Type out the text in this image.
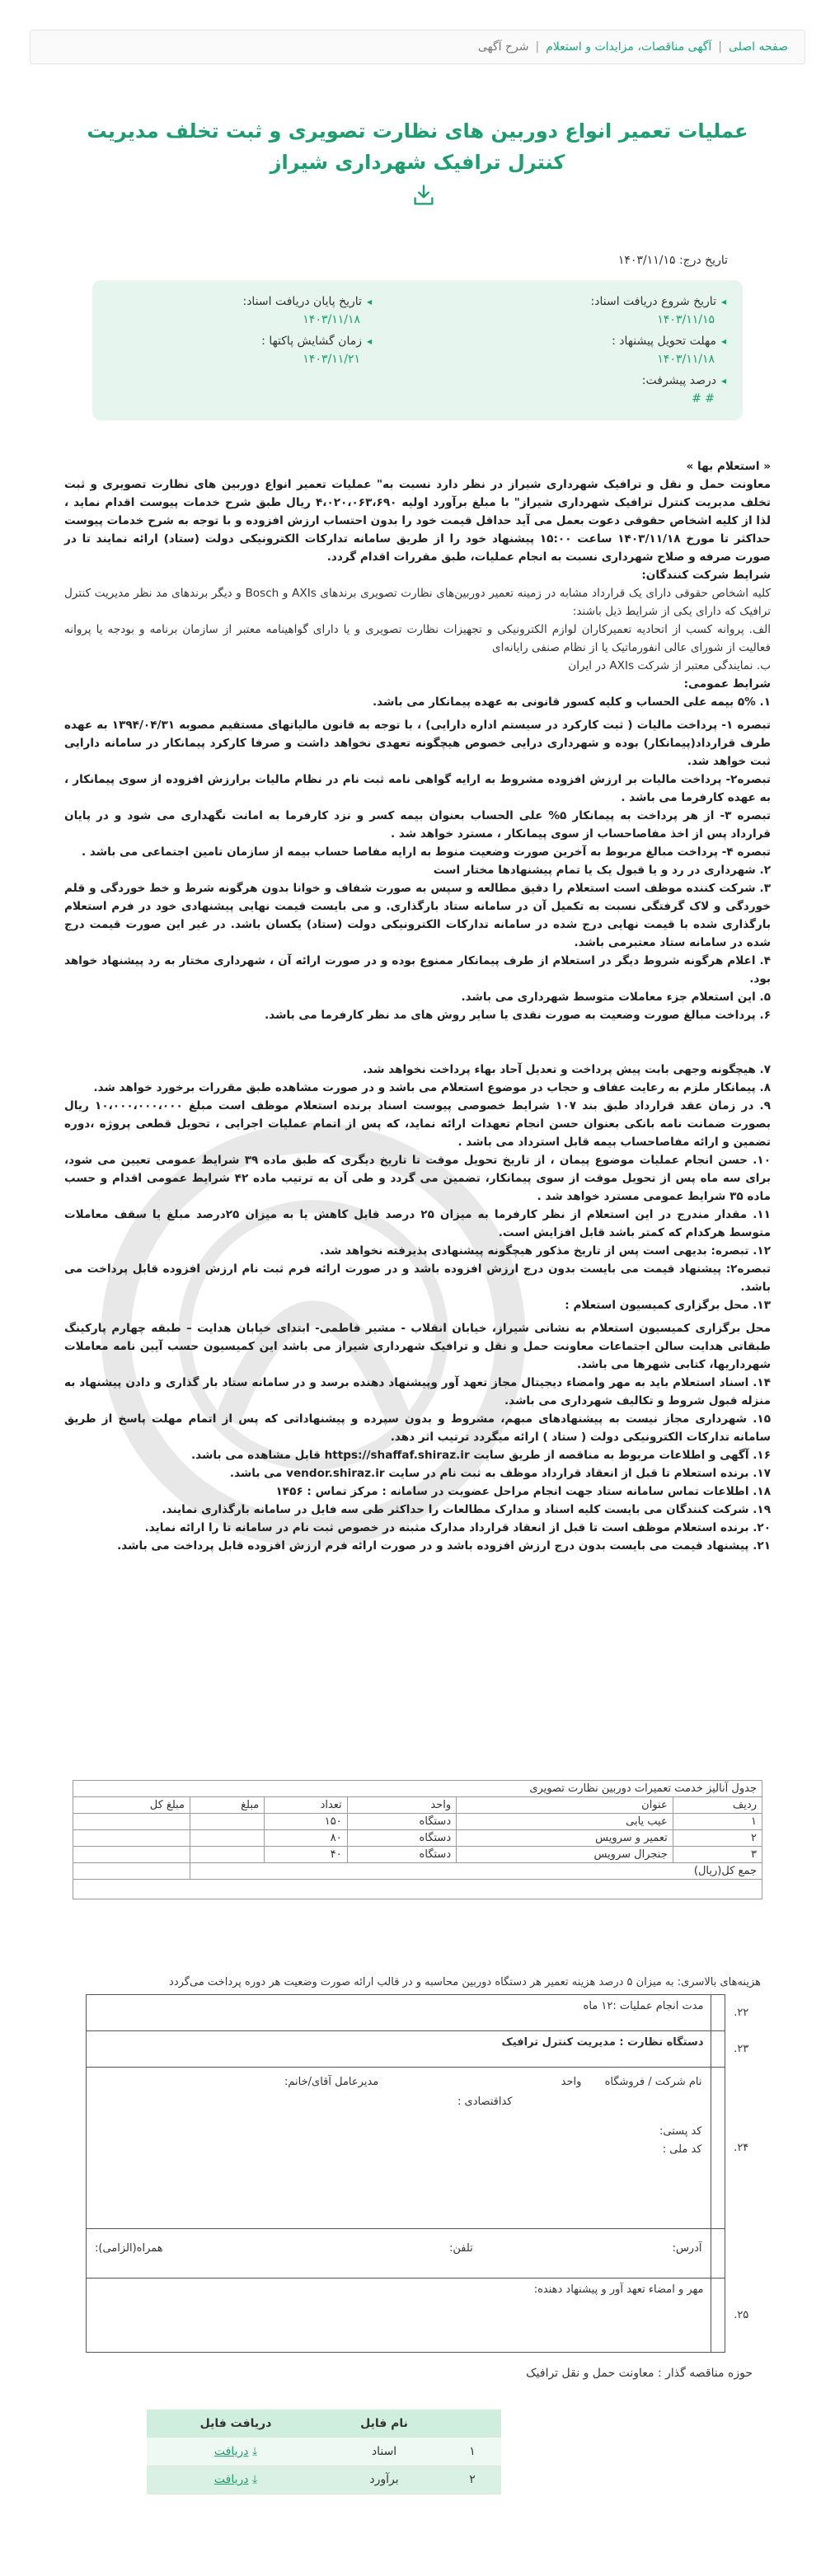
صفحه اصلی
|
آگهی مناقصات، مزایدات و استعلام
|
شرح آگهی
عملیات تعمیر انواع دوربین های نظارت تصویری و ثبت تخلف مدیریت کنترل ترافیک شهرداری شیراز
تاریخ درج: ۱۴۰۳/۱۱/۱۵
◂ تاریخ شروع دریافت اسناد:
۱۴۰۳/۱۱/۱۵
◂ مهلت تحویل پیشنهاد :
۱۴۰۳/۱۱/۱۸
◂ درصد پیشرفت:
# #
◂ تاریخ پایان دریافت اسناد:
۱۴۰۳/۱۱/۱۸
◂ زمان گشایش پاکتها :
۱۴۰۳/۱۱/۲۱

« استعلام بها »

معاونت حمل و نقل و ترافیک شهرداری شیراز در نظر دارد نسبت به" عملیات تعمیر انواع دوربین های نظارت تصویری و ثبت تخلف مدیریت کنترل ترافیک شهرداری شیراز" با مبلغ برآورد اولیه ۴،۰۲۰،۰۶۳،۶۹۰ ریال طبق شرح خدمات پیوست اقدام نماید ، لذا از کلیه اشخاص حقوقی دعوت بعمل می آید حداقل قیمت خود را بدون احتساب ارزش افزوده و با توجه به شرح خدمات پیوست حداکثر تا مورخ ۱۴۰۳/۱۱/۱۸ ساعت ۱۵:۰۰ پیشنهاد خود را از طریق سامانه تدارکات الکترونیکی دولت (ستاد) ارائه نمایند تا در صورت صرفه و صلاح شهرداری نسبت به انجام عملیات، طبق مقررات اقدام گردد.

شرایط شرکت کنندگان:

کلیه اشخاص حقوقی دارای یک قرارداد مشابه در زمینه تعمیر دوربین‌های نظارت تصویری برندهای AXIs و Bosch و دیگر برندهای مد نظر مدیریت کنترل ترافیک که دارای یکی از شرایط ذیل باشند:

الف. پروانه کسب از اتحادیه تعمیرکاران لوازم الکترونیکی و تجهیزات نظارت تصویری و یا دارای گواهینامه معتبر از سازمان برنامه و بودجه یا پروانه فعالیت از شورای عالی انفورماتیک یا از نظام صنفی رایانه‌ای

ب. نمایندگی معتبر از شرکت AXIs در ایران

شرایط عمومی:

۱. ۵% بیمه علی الحساب و کلیه کسور قانونی به عهده پیمانکار می باشد.

تبصره ۱- پرداخت مالیات ( ثبت کارکرد در سیستم اداره دارایی) ، با توجه به قانون مالیاتهای مستقیم مصوبه ۱۳۹۴/۰۴/۳۱ به عهده طرف قرارداد(پیمانکار) بوده و شهرداری درایی خصوص هیچگونه تعهدی نخواهد داشت و صرفا کارکرد پیمانکار در سامانه دارایی ثبت خواهد شد.

تبصره۲- پرداخت مالیات بر ارزش افزوده مشروط به ارایه گواهی نامه ثبت نام در نظام مالیات برارزش افزوده از سوی پیمانکار ، به عهده کارفرما می باشد .

تبصره ۳- از هر پرداخت به پیمانکار ۵% علی الحساب بعنوان بیمه کسر و نزد کارفرما به امانت نگهداری می شود و در پایان قرارداد پس از اخذ مفاصاحساب از سوی پیمانکار ، مسترد خواهد شد .

تبصره ۴- پرداخت مبالغ مربوط به آخرین صورت وضعیت منوط به ارایه مفاصا حساب بیمه از سازمان تامین اجتماعی می باشد .

۲. شهرداری در رد و یا قبول یک یا تمام پیشنهادها مختار است

۳. شرکت کننده موظف است استعلام را دقیق مطالعه و سپس به صورت شفاف و خوانا بدون هرگونه شرط و خط خوردگی و قلم خوردگی و لاک گرفتگی نسبت به تکمیل آن در سامانه ستاد بارگذاری. و می بایست قیمت نهایی پیشنهادی خود در فرم استعلام بارگذاری شده با قیمت نهایی درج شده در سامانه تدارکات الکترونیکی دولت (ستاد) یکسان باشد. در غیر این صورت قیمت درج شده در سامانه ستاد معتبرمی باشد.

۴. اعلام هرگونه شروط دیگر در استعلام از طرف پیمانکار ممنوع بوده و در صورت ارائه آن ، شهرداری مختار به رد پیشنهاد خواهد بود.

۵. این استعلام جزء معاملات متوسط شهرداری می باشد.

۶. پرداخت مبالغ صورت وضعیت به صورت نقدی یا سایر روش های مد نظر کارفرما می باشد.

۷. هیچگونه وجهی بابت پیش پرداخت و تعدیل آحاد بهاء پرداخت نخواهد شد.

۸. پیمانکار ملزم به رعایت عفاف و حجاب در موضوع استعلام می باشد و در صورت مشاهده طبق مقررات برخورد خواهد شد.

۹. در زمان عقد قرارداد طبق بند ۱۰۷ شرایط خصوصی پیوست اسناد برنده استعلام موظف است مبلغ ۱۰،۰۰۰،۰۰۰،۰۰۰ ریال بصورت ضمانت نامه بانکی بعنوان حسن انجام تعهدات ارائه نماید، که پس از اتمام عملیات اجرایی ، تحویل قطعی پروژه ،دوره تضمین و ارائه مفاصاحساب بیمه قابل استرداد می باشد .

۱۰. حسن انجام عملیات موضوع پیمان ، از تاریخ تحویل موقت تا تاریخ دیگری که طبق ماده ۳۹ شرایط عمومی تعیین می شود، برای سه ماه پس از تحویل موقت از سوی پیمانکار، تضمین می گردد و طی آن به ترتیب ماده ۴۲ شرایط عمومی اقدام و حسب ماده ۳۵ شرایط عمومی مسترد خواهد شد .

۱۱. مقدار مندرج در این استعلام از نظر کارفرما به میزان ۲۵ درصد قابل کاهش یا به میزان ۲۵درصد مبلغ یا سقف معاملات متوسط هرکدام که کمتر باشد قابل افزایش است.

۱۲. تبصره: بدیهی است پس از تاریخ مذکور هیچگونه پیشنهادی پذیرفته نخواهد شد.

تبصره۲: پیشنهاد قیمت می بایست بدون درج ارزش افزوده باشد و در صورت ارائه فرم ثبت نام ارزش افزوده قابل پرداخت می باشد.

۱۳. محل برگزاری کمیسیون استعلام :

محل برگزاری کمیسیون استعلام به نشانی شیراز، خیابان انقلاب - مشیر فاطمی- ابتدای خیابان هدایت – طبقه چهارم پارکینگ طبقاتی هدایت سالن اجتماعات معاونت حمل و نقل و ترافیک شهرداری شیراز می باشد این کمیسیون حسب آیین نامه معاملات شهرداریها، کتابی شهرها می باشد.

۱۴. اسناد استعلام باید به مهر وامضاء دیجیتال مجاز تعهد آور وپیشنهاد دهنده برسد و در سامانه ستاد بار گذاری و دادن پیشنهاد به منزله قبول شروط و تکالیف شهرداری می باشد.

۱۵. شهرداری مجاز نیست به پیشنهادهای مبهم، مشروط و بدون سپرده و پیشنهاداتی که پس از اتمام مهلت پاسخ از طریق سامانه تدارکات الکترونیکی دولت ( ستاد ) ارائه میگردد ترتیب اثر دهد.

۱۶. آگهی و اطلاعات مربوط به مناقصه از طریق سایت https://shaffaf.shiraz.ir قابل مشاهده می باشد.

۱۷. برنده استعلام تا قبل از انعقاد قرارداد موظف به ثبت نام در سایت vendor.shiraz.ir می باشد.

۱۸. اطلاعات تماس سامانه ستاد جهت انجام مراحل عضویت در سامانه : مرکز تماس : ۱۴۵۶

۱۹. شرکت کنندگان می بایست کلیه اسناد و مدارک مطالعات را حداکثر طی سه فایل در سامانه بارگذاری نمایند.

۲۰. برنده استعلام موظف است تا قبل از انعقاد قرارداد مدارک مثبته در خصوص ثبت نام در سامانه تا را ارائه نماید.

۲۱. پیشنهاد قیمت می بایست بدون درج ارزش افزوده باشد و در صورت ارائه فرم ارزش افزوده قابل پرداخت می باشد.

جدول آنالیز خدمت تعمیرات دوربین نظارت تصویری					
ردیف	عنوان	واحد	تعداد	مبلغ	مبلغ کل
۱	عیب یابی	دستگاه	۱۵۰		
۲	تعمیر و سرویس	دستگاه	۸۰		
۳	جنجرال سرویس	دستگاه	۴۰		
جمع کل(ریال)					

هزینه‌های بالاسری: به میزان ۵ درصد هزینه تعمیر هر دستگاه دوربین محاسبه و در قالب ارائه صورت وضعیت هر دوره پرداخت می‌گردد
۲۲.		مدت انجام عملیات :۱۲ ماه
۲۳.		دستگاه نظارت : مدیریت کنترل ترافیک
۲۴.		نام شرکت / فروشگاه واحد
مدیرعامل آقای/خانم:
کداقتصادی :
کد پستی:
کد ملی :

		آدرس:
تلفن:
همراه(الزامی):

۲۵.		مهر و امضاء تعهد آور و پیشنهاد دهنده:
حوزه مناقصه گذار : معاونت حمل و نقل ترافیک
	نام فایل	دریافت فایل
۱	اسناد	⤓ دریافت
۲	برآورد	⤓ دریافت
